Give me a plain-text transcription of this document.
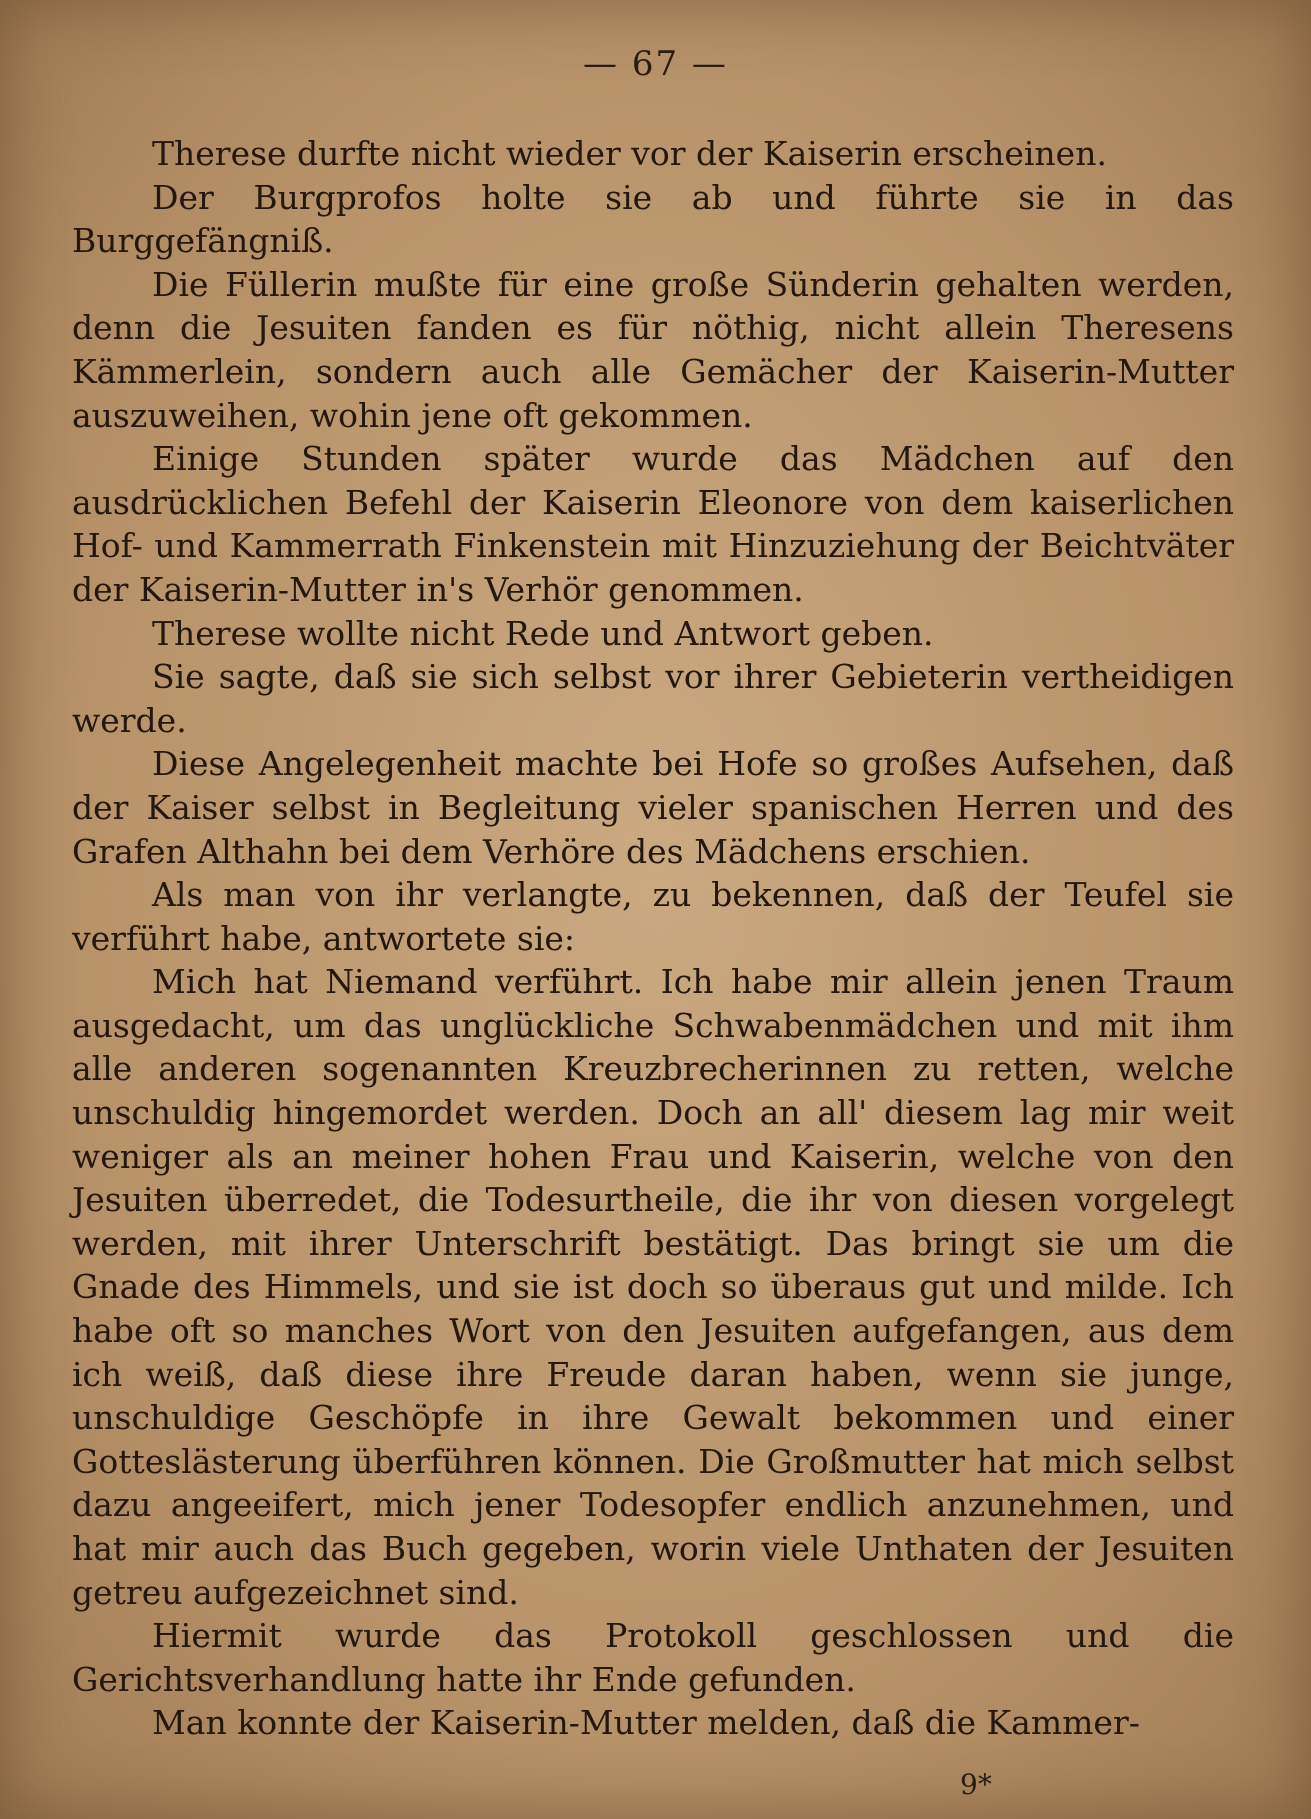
— 67 —

Therese durfte nicht wieder vor der Kaiserin erscheinen.

Der Burgprofos holte sie ab und führte sie in das Burggefängniß.

Die Füllerin mußte für eine große Sünderin gehalten werden, denn die Jesuiten fanden es für nöthig, nicht allein Theresens Kämmerlein, sondern auch alle Gemächer der Kaiserin-Mutter auszuweihen, wohin jene oft gekommen.

Einige Stunden später wurde das Mädchen auf den ausdrücklichen Befehl der Kaiserin Eleonore von dem kaiserlichen Hof- und Kammerrath Finkenstein mit Hinzuziehung der Beichtväter der Kaiserin-Mutter in's Verhör genommen.

Therese wollte nicht Rede und Antwort geben.

Sie sagte, daß sie sich selbst vor ihrer Gebieterin vertheidigen werde.

Diese Angelegenheit machte bei Hofe so großes Aufsehen, daß der Kaiser selbst in Begleitung vieler spanischen Herren und des Grafen Althahn bei dem Verhöre des Mädchens erschien.

Als man von ihr verlangte, zu bekennen, daß der Teufel sie verführt habe, antwortete sie:

Mich hat Niemand verführt. Ich habe mir allein jenen Traum ausgedacht, um das unglückliche Schwabenmädchen und mit ihm alle anderen sogenannten Kreuzbrecherinnen zu retten, welche unschuldig hingemordet werden. Doch an all' diesem lag mir weit weniger als an meiner hohen Frau und Kaiserin, welche von den Jesuiten überredet, die Todesurtheile, die ihr von diesen vorgelegt werden, mit ihrer Unterschrift bestätigt. Das bringt sie um die Gnade des Himmels, und sie ist doch so überaus gut und milde. Ich habe oft so manches Wort von den Jesuiten aufgefangen, aus dem ich weiß, daß diese ihre Freude daran haben, wenn sie junge, unschuldige Geschöpfe in ihre Gewalt bekommen und einer Gotteslästerung überführen können. Die Großmutter hat mich selbst dazu angeeifert, mich jener Todesopfer endlich anzunehmen, und hat mir auch das Buch gegeben, worin viele Unthaten der Jesuiten getreu aufgezeichnet sind.

Hiermit wurde das Protokoll geschlossen und die Gerichtsverhandlung hatte ihr Ende gefunden.

Man konnte der Kaiserin-Mutter melden, daß die Kammer-

9*
